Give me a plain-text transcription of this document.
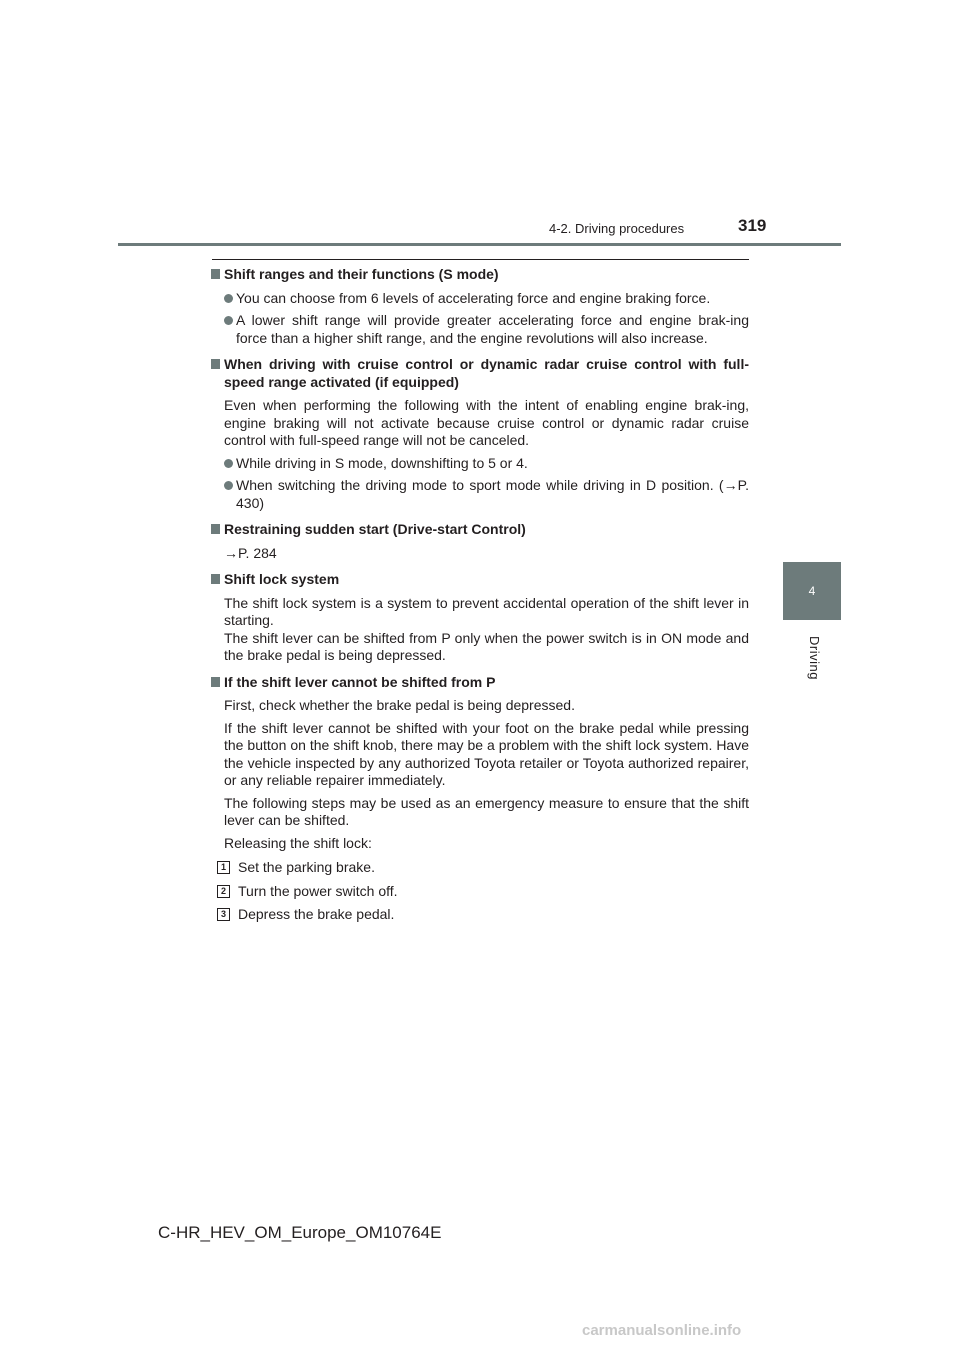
4-2. Driving procedures	319
4
Driving
Shift ranges and their functions (S mode)
You can choose from 6 levels of accelerating force and engine braking force.
A lower shift range will provide greater accelerating force and engine brak-ing force than a higher shift range, and the engine revolutions will also increase.
When driving with cruise control or dynamic radar cruise control with full-speed range activated (if equipped)
Even when performing the following with the intent of enabling engine brak-ing, engine braking will not activate because cruise control or dynamic radar cruise control with full-speed range will not be canceled.
While driving in S mode, downshifting to 5 or 4.
When switching the driving mode to sport mode while driving in D position. (→P. 430)
Restraining sudden start (Drive-start Control)
→P. 284
Shift lock system
The shift lock system is a system to prevent accidental operation of the shift lever in starting.
The shift lever can be shifted from P only when the power switch is in ON mode and the brake pedal is being depressed.
If the shift lever cannot be shifted from P
First, check whether the brake pedal is being depressed.
If the shift lever cannot be shifted with your foot on the brake pedal while pressing the button on the shift knob, there may be a problem with the shift lock system. Have the vehicle inspected by any authorized Toyota retailer or Toyota authorized repairer, or any reliable repairer immediately.
The following steps may be used as an emergency measure to ensure that the shift lever can be shifted.
Releasing the shift lock:
1 Set the parking brake.
2 Turn the power switch off.
3 Depress the brake pedal.
C-HR_HEV_OM_Europe_OM10764E
carmanualsonline.info
